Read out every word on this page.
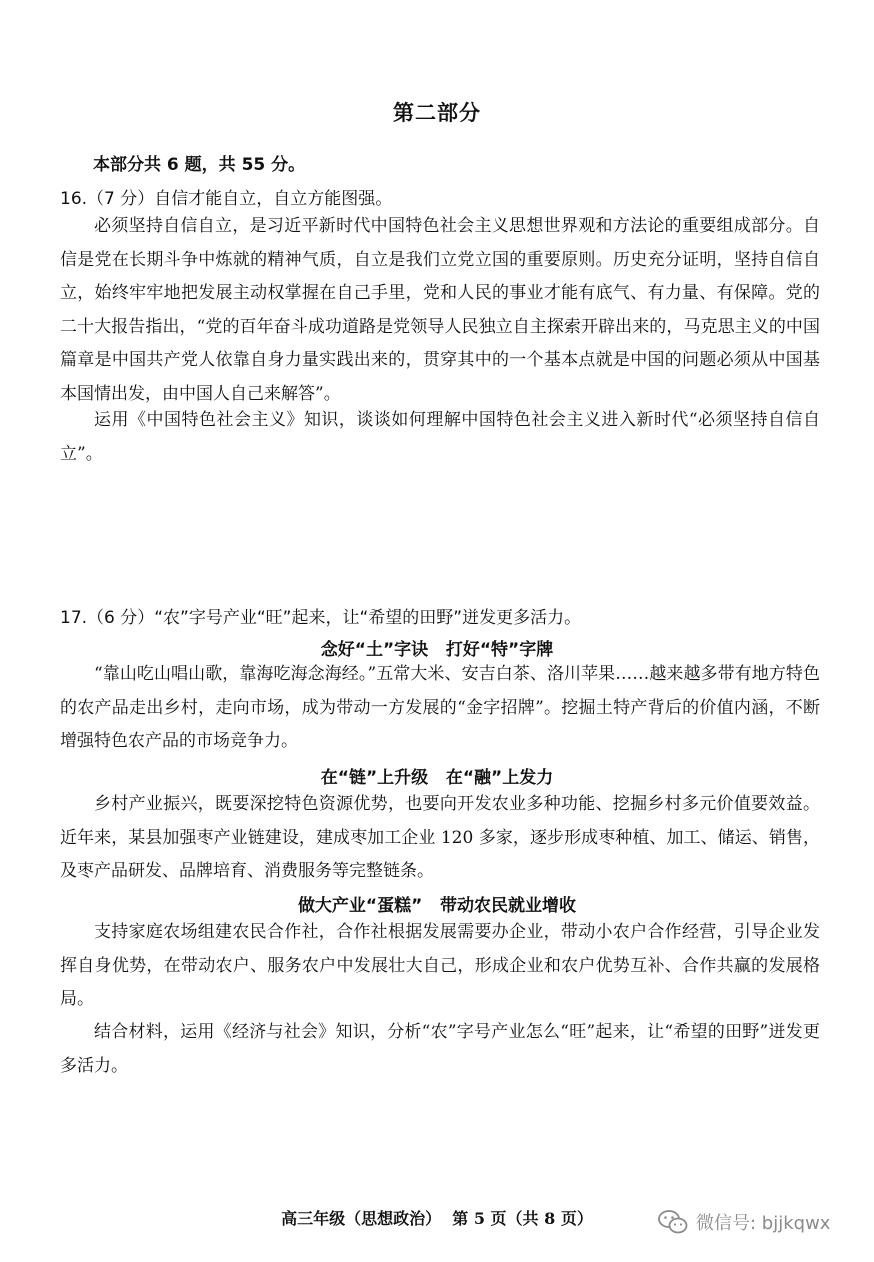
第二部分
本部分共 6 题，共 55 分。
16.（7 分）自信才能自立，自立方能图强。
必须坚持自信自立，是习近平新时代中国特色社会主义思想世界观和方法论的重要组成部分。自信是党在长期斗争中炼就的精神气质，自立是我们立党立国的重要原则。历史充分证明，坚持自信自立，始终牢牢地把发展主动权掌握在自己手里，党和人民的事业才能有底气、有力量、有保障。党的二十大报告指出，“党的百年奋斗成功道路是党领导人民独立自主探索开辟出来的，马克思主义的中国篇章是中国共产党人依靠自身力量实践出来的，贯穿其中的一个基本点就是中国的问题必须从中国基本国情出发，由中国人自己来解答”。
运用《中国特色社会主义》知识，谈谈如何理解中国特色社会主义进入新时代“必须坚持自信自立”。
17.（6 分）“农”字号产业“旺”起来，让“希望的田野”迸发更多活力。
念好“土”字诀   打好“特”字牌
“靠山吃山唱山歌，靠海吃海念海经。”五常大米、安吉白茶、洛川苹果……越来越多带有地方特色的农产品走出乡村，走向市场，成为带动一方发展的“金字招牌”。挖掘土特产背后的价值内涵，不断增强特色农产品的市场竞争力。
在“链”上升级   在“融”上发力
乡村产业振兴，既要深挖特色资源优势，也要向开发农业多种功能、挖掘乡村多元价值要效益。近年来，某县加强枣产业链建设，建成枣加工企业 120 多家，逐步形成枣种植、加工、储运、销售，及枣产品研发、品牌培育、消费服务等完整链条。
做大产业“蛋糕”   带动农民就业增收
支持家庭农场组建农民合作社，合作社根据发展需要办企业，带动小农户合作经营，引导企业发挥自身优势，在带动农户、服务农户中发展壮大自己，形成企业和农户优势互补、合作共赢的发展格局。
结合材料，运用《经济与社会》知识，分析“农”字号产业怎么“旺”起来，让“希望的田野”迸发更多活力。
高三年级（思想政治）  第 5 页（共 8 页）	微信号: bjjkqwx
